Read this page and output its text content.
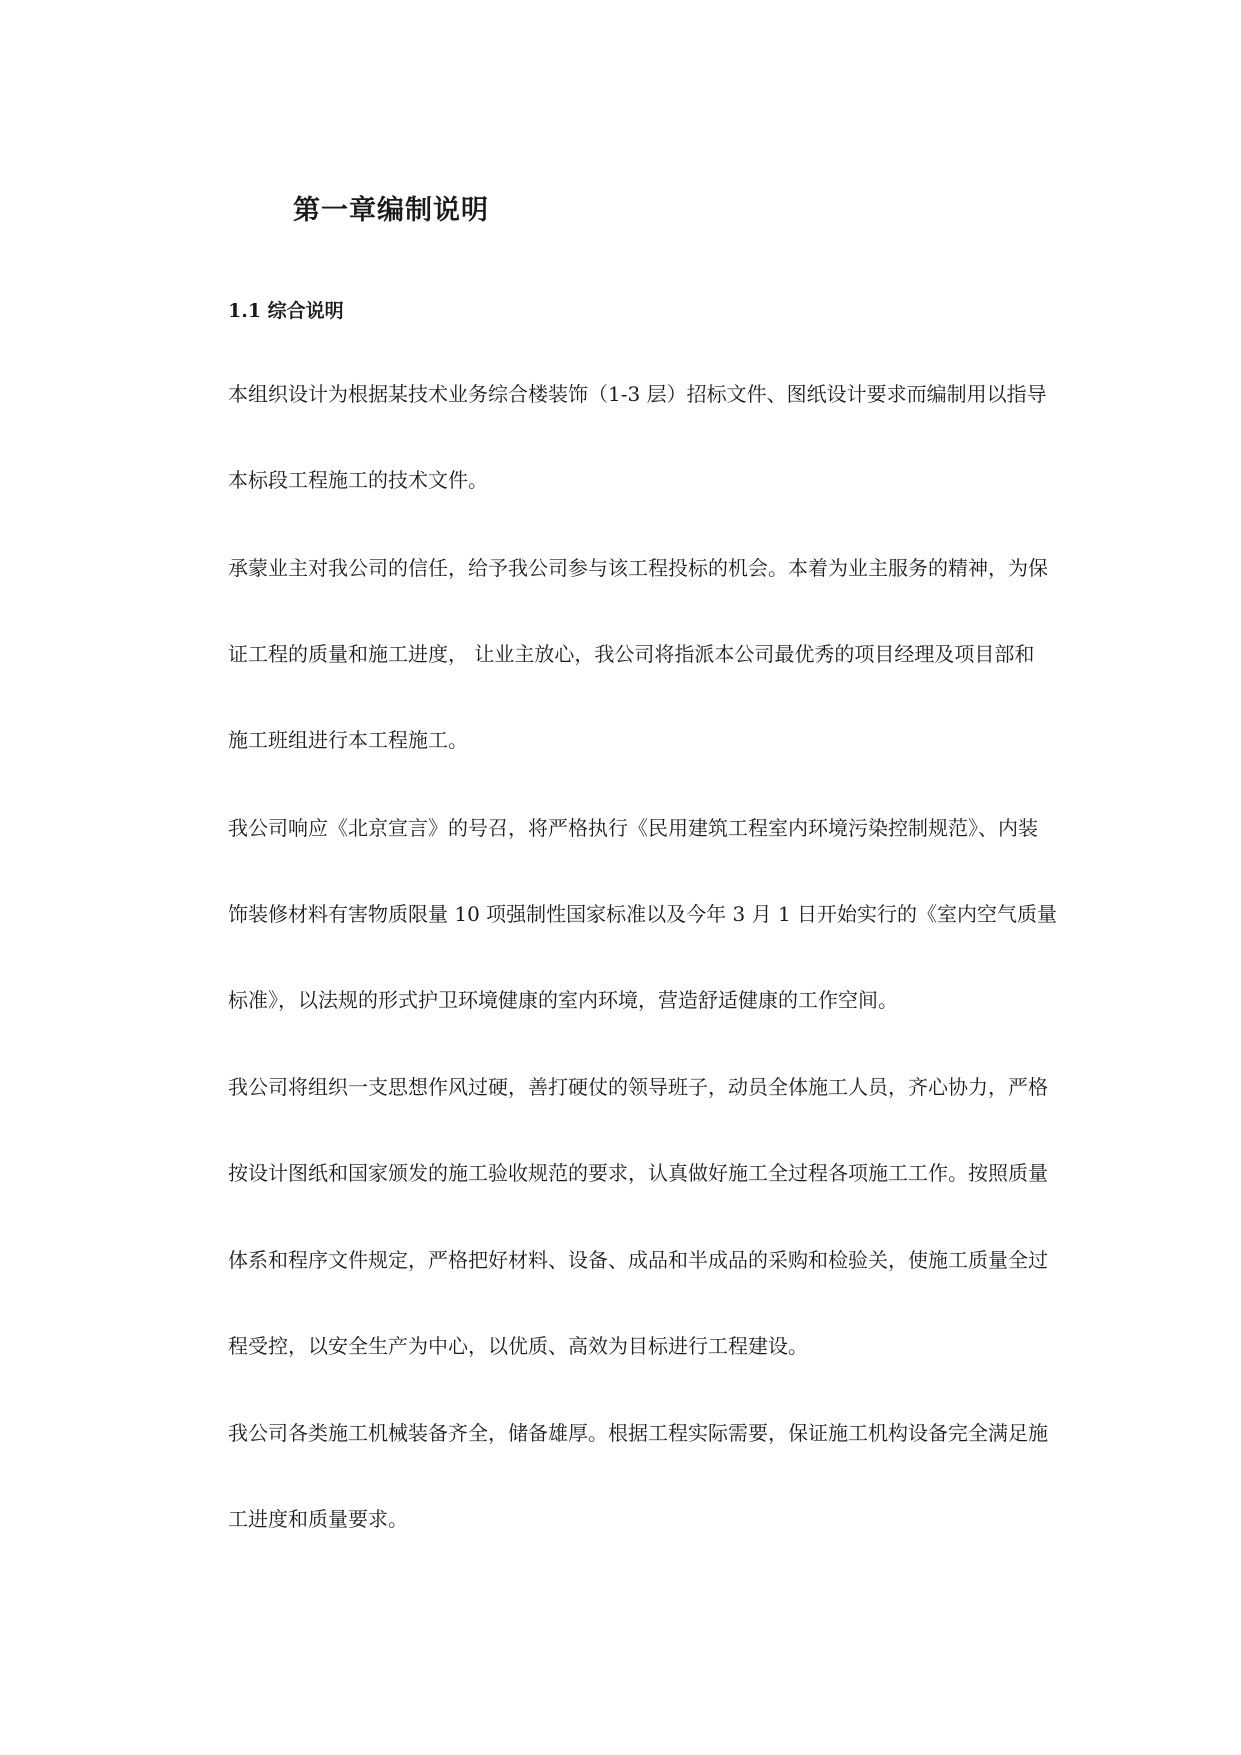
第一章编制说明
1.1 综合说明

本组织设计为根据某技术业务综合楼装饰（1-3 层）招标文件、图纸设计要求而编制用以指导

本标段工程施工的技术文件。

承蒙业主对我公司的信任，给予我公司参与该工程投标的机会。本着为业主服务的精神，为保

证工程的质量和施工进度， 让业主放心，我公司将指派本公司最优秀的项目经理及项目部和

施工班组进行本工程施工。

我公司响应《北京宣言》的号召，将严格执行《民用建筑工程室内环境污染控制规范》、内装

饰装修材料有害物质限量 10 项强制性国家标准以及今年 3 月 1 日开始实行的《室内空气质量

标准》，以法规的形式护卫环境健康的室内环境，营造舒适健康的工作空间。

我公司将组织一支思想作风过硬，善打硬仗的领导班子，动员全体施工人员，齐心协力，严格

按设计图纸和国家颁发的施工验收规范的要求，认真做好施工全过程各项施工工作。按照质量

体系和程序文件规定，严格把好材料、设备、成品和半成品的采购和检验关，使施工质量全过

程受控，以安全生产为中心，以优质、高效为目标进行工程建设。

我公司各类施工机械装备齐全，储备雄厚。根据工程实际需要，保证施工机构设备完全满足施

工进度和质量要求。
